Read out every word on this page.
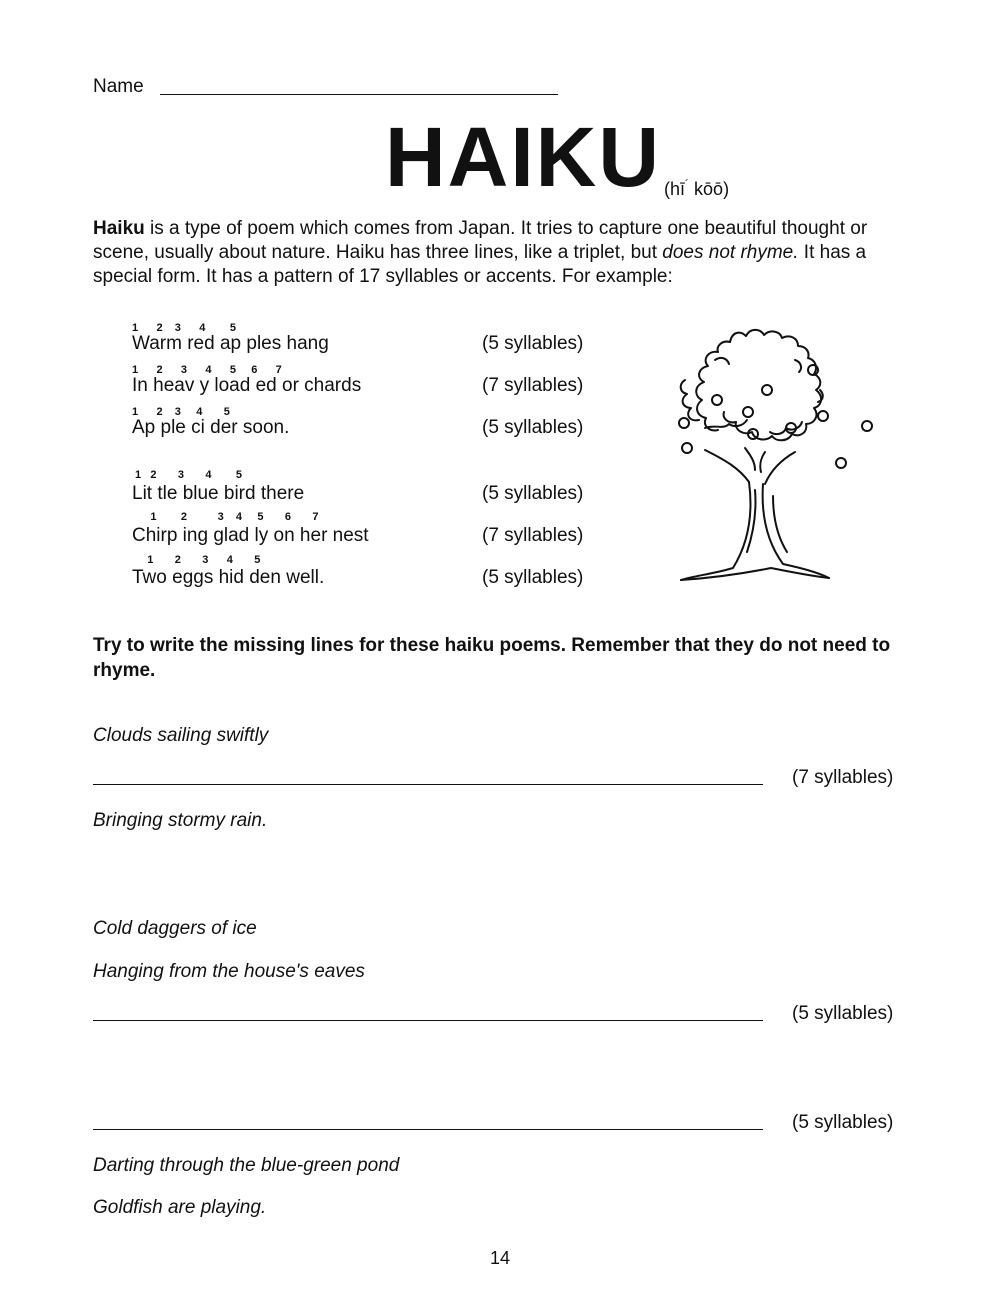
Name
HAIKU (hī´ kōō)

Haiku is a type of poem which comes from Japan. It tries to capture one beautiful thought or scene, usually about nature. Haiku has three lines, like a triplet, but does not rhyme. It has a special form. It has a pattern of 17 syllables or accents. For example:

1      2    3      4        5
Warm red ap ples hang	(5 syllables)
1      2      3      4      5     6      7
In heav y load ed or chards	(7 syllables)
1      2    3     4       5
Ap ple ci der soon.	(5 syllables)
1   2       3       4        5
Lit tle blue bird there	(5 syllables)
1        2          3    4     5       6       7
Chirp ing glad ly on her nest	(7 syllables)
1       2       3      4       5
Two eggs hid den well.	(5 syllables)
Try to write the missing lines for these haiku poems. Remember that they do not need to rhyme.
Clouds sailing swiftly
(7 syllables)
Bringing stormy rain.
Cold daggers of ice
Hanging from the house's eaves
(5 syllables)
(5 syllables)
Darting through the blue-green pond
Goldfish are playing.
14
